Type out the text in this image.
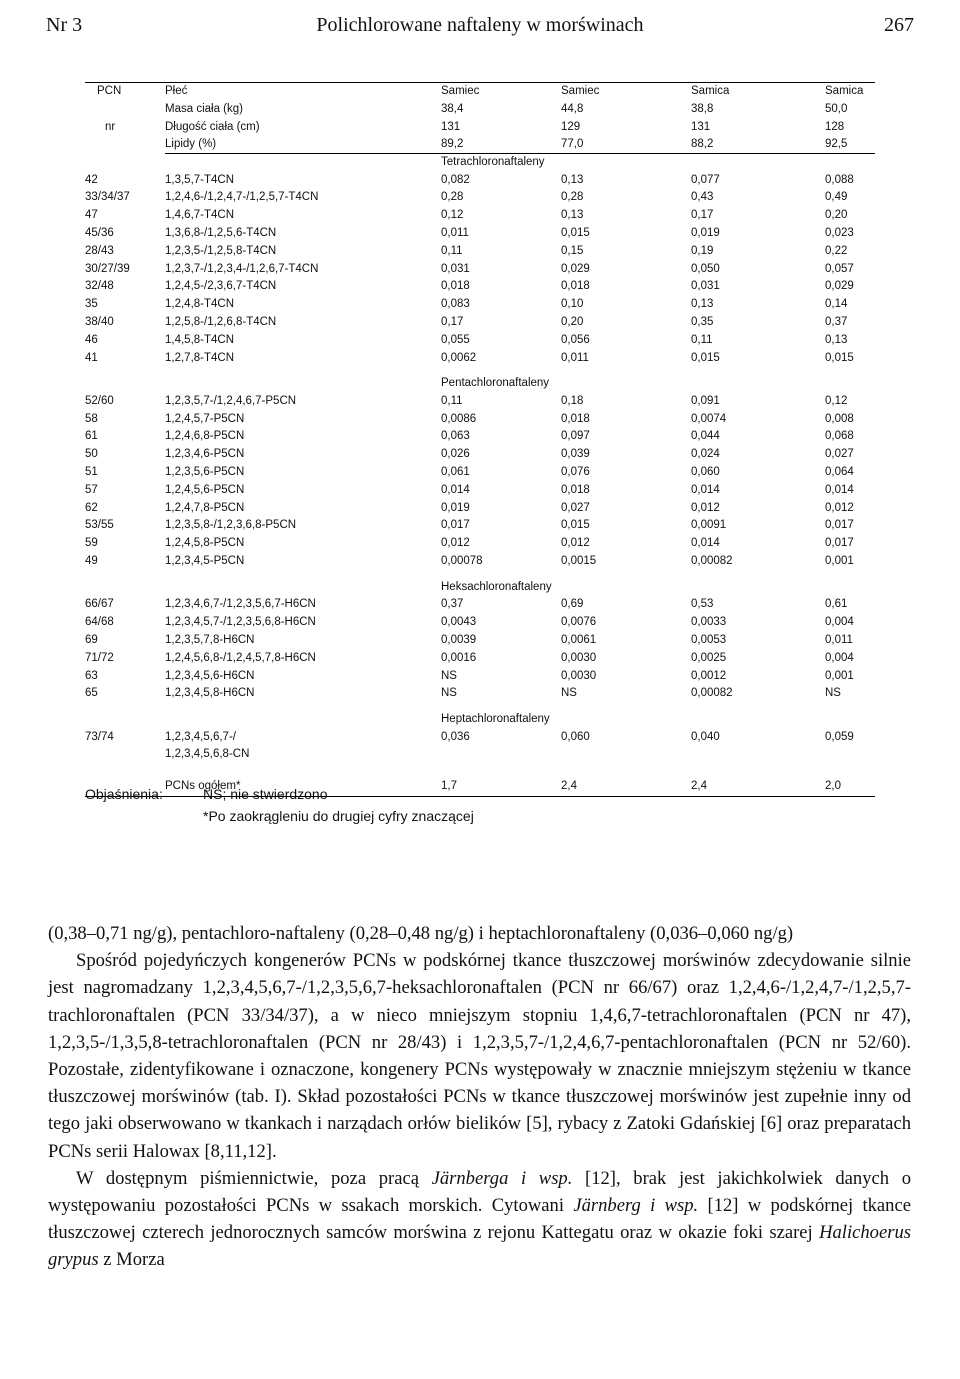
Nr 3	Polichlorowane naftaleny w morświnach	267
PCN
nr
Płeć	Samiec	Samiec	Samica	Samica
Masa ciała (kg)	38,4	44,8	38,8	50,0
Długość ciała (cm)	131	129	131	128
Lipidy (%)	89,2	77,0	88,2	92,5
Tetrachloronaftaleny
42	1,3,5,7-T4CN	0,082	0,13	0,077	0,088
33/34/37	1,2,4,6-/1,2,4,7-/1,2,5,7-T4CN	0,28	0,28	0,43	0,49
47	1,4,6,7-T4CN	0,12	0,13	0,17	0,20
45/36	1,3,6,8-/1,2,5,6-T4CN	0,011	0,015	0,019	0,023
28/43	1,2,3,5-/1,2,5,8-T4CN	0,11	0,15	0,19	0,22
30/27/39	1,2,3,7-/1,2,3,4-/1,2,6,7-T4CN	0,031	0,029	0,050	0,057
32/48	1,2,4,5-/2,3,6,7-T4CN	0,018	0,018	0,031	0,029
35	1,2,4,8-T4CN	0,083	0,10	0,13	0,14
38/40	1,2,5,8-/1,2,6,8-T4CN	0,17	0,20	0,35	0,37
46	1,4,5,8-T4CN	0,055	0,056	0,11	0,13
41	1,2,7,8-T4CN	0,0062	0,011	0,015	0,015
Pentachloronaftaleny
52/60	1,2,3,5,7-/1,2,4,6,7-P5CN	0,11	0,18	0,091	0,12
58	1,2,4,5,7-P5CN	0,0086	0,018	0,0074	0,008
61	1,2,4,6,8-P5CN	0,063	0,097	0,044	0,068
50	1,2,3,4,6-P5CN	0,026	0,039	0,024	0,027
51	1,2,3,5,6-P5CN	0,061	0,076	0,060	0,064
57	1,2,4,5,6-P5CN	0,014	0,018	0,014	0,014
62	1,2,4,7,8-P5CN	0,019	0,027	0,012	0,012
53/55	1,2,3,5,8-/1,2,3,6,8-P5CN	0,017	0,015	0,0091	0,017
59	1,2,4,5,8-P5CN	0,012	0,012	0,014	0,017
49	1,2,3,4,5-P5CN	0,00078	0,0015	0,00082	0,001
Heksachloronaftaleny
66/67	1,2,3,4,6,7-/1,2,3,5,6,7-H6CN	0,37	0,69	0,53	0,61
64/68	1,2,3,4,5,7-/1,2,3,5,6,8-H6CN	0,0043	0,0076	0,0033	0,004
69	1,2,3,5,7,8-H6CN	0,0039	0,0061	0,0053	0,011
71/72	1,2,4,5,6,8-/1,2,4,5,7,8-H6CN	0,0016	0,0030	0,0025	0,004
63	1,2,3,4,5,6-H6CN	NS	0,0030	0,0012	0,001
65	1,2,3,4,5,8-H6CN	NS	NS	0,00082	NS
Heptachloronaftaleny
73/74	1,2,3,4,5,6,7-/	0,036	0,060	0,040	0,059
1,2,3,4,5,6,8-CN
PCNs ogółem*	1,7	2,4	2,4	2,0
Objaśnienia:	NS; nie stwierdzono
*Po zaokrągleniu do drugiej cyfry znaczącej

(0,38–0,71 ng/g), pentachloro-naftaleny (0,28–0,48 ng/g) i heptachloronaftaleny (0,036–0,060 ng/g)

Spośród pojedyńczych kongenerów PCNs w podskórnej tkance tłuszczowej morświnów zdecydowanie silnie jest nagromadzany 1,2,3,4,5,6,7-/1,2,3,5,6,7-heksachloronaftalen (PCN nr 66/67) oraz 1,2,4,6-/1,2,4,7-/1,2,5,7-trachloronaftalen (PCN 33/34/37), a w nieco mniejszym stopniu 1,4,6,7-tetrachloronaftalen (PCN nr 47), 1,2,3,5-/1,3,5,8-tetrachloronaftalen (PCN nr 28/43) i 1,2,3,5,7-/1,2,4,6,7-pentachloronaftalen (PCN nr 52/60). Pozostałe, zidentyfikowane i oznaczone, kongenery PCNs występowały w znacznie mniejszym stężeniu w tkance tłuszczowej morświnów (tab. I). Skład pozostałości PCNs w tkance tłuszczowej morświnów jest zupełnie inny od tego jaki obserwowano w tkankach i narządach orłów bielików [5], rybacy z Zatoki Gdańskiej [6] oraz preparatach PCNs serii Halowax [8,11,12].

W dostępnym piśmiennictwie, poza pracą Järnberga i wsp. [12], brak jest jakichkolwiek danych o występowaniu pozostałości PCNs w ssakach morskich. Cytowani Järnberg i wsp. [12] w podskórnej tkance tłuszczowej czterech jednorocznych samców morświna z rejonu Kattegatu oraz w okazie foki szarej Halichoerus grypus z Morza
